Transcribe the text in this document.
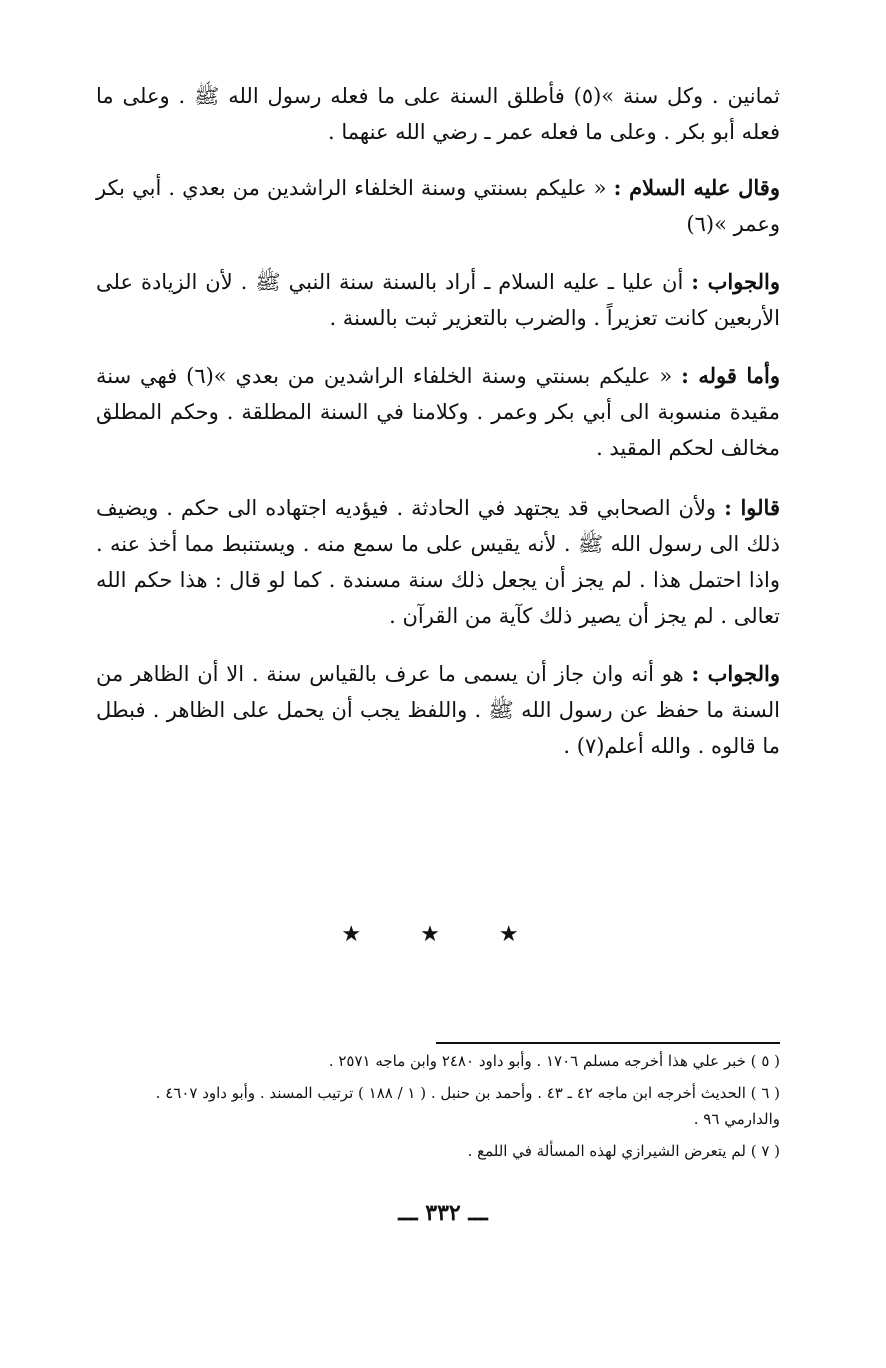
ثمانين . وكل سنة »(٥) فأطلق السنة على ما فعله رسول الله ﷺ . وعلى ما فعله أبو بكر . وعلى ما فعله عمر ـ رضي الله عنهما .

وقال عليه السلام : « عليكم بسنتي وسنة الخلفاء الراشدين من بعدي . أبي بكر وعمر »(٦)

والجواب : أن عليا ـ عليه السلام ـ أراد بالسنة سنة النبي ﷺ . لأن الزيادة على الأربعين كانت تعزيراً . والضرب بالتعزير ثبت بالسنة .

وأما قوله : « عليكم بسنتي وسنة الخلفاء الراشدين من بعدي »(٦) فهي سنة مقيدة منسوبة الى أبي بكر وعمر . وكلامنا في السنة المطلقة . وحكم المطلق مخالف لحكم المقيد .

قالوا : ولأن الصحابي قد يجتهد في الحادثة . فيؤديه اجتهاده الى حكم . ويضيف ذلك الى رسول الله ﷺ . لأنه يقيس على ما سمع منه . ويستنبط مما أخذ عنه . واذا احتمل هذا . لم يجز أن يجعل ذلك سنة مسندة . كما لو قال : هذا حكم الله تعالى . لم يجز أن يصير ذلك كآية من القرآن .

والجواب : هو أنه وان جاز أن يسمى ما عرف بالقياس سنة . الا أن الظاهر من السنة ما حفظ عن رسول الله ﷺ . واللفظ يجب أن يحمل على الظاهر . فبطل ما قالوه . والله أعلم(٧) .

★ ★ ★

( ٥ ) خبر علي هذا أخرجه مسلم ١٧٠٦ . وأبو داود ٢٤٨٠ وابن ماجه ٢٥٧١ .

( ٦ ) الحديث أخرجه ابن ماجه ٤٢ ـ ٤٣ . وأحمد بن حنبل . ( ١ / ١٨٨ ) ترتيب المسند . وأبو داود ٤٦٠٧ . والدارمي ٩٦ .

( ٧ ) لم يتعرض الشيرازي لهذه المسألة في اللمع .

ـــ ٣٣٢ ـــ
